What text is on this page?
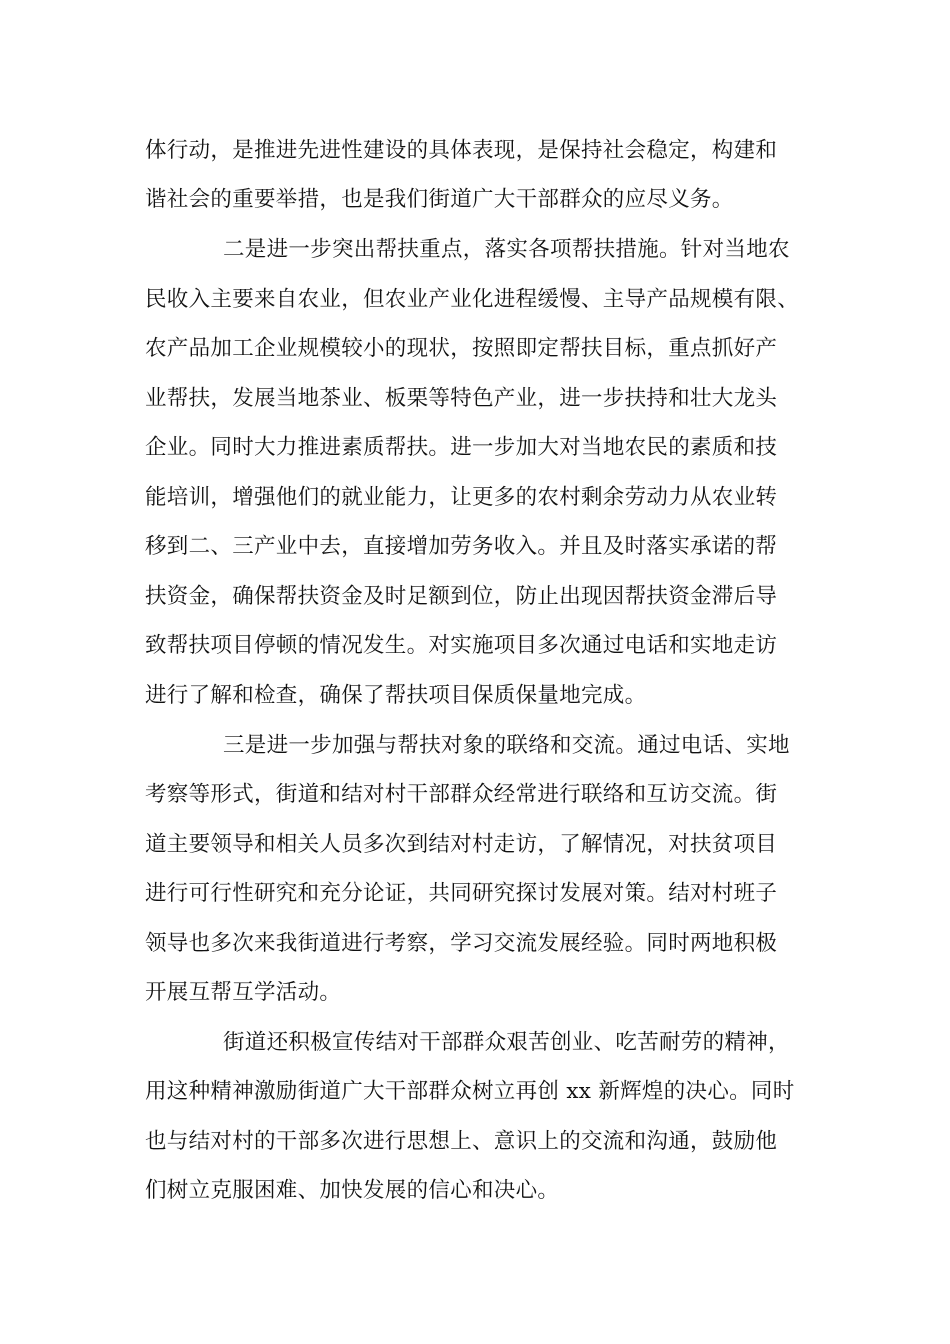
体行动，是推进先进性建设的具体表现，是保持社会稳定，构建和
谐社会的重要举措，也是我们街道广大干部群众的应尽义务。
二是进一步突出帮扶重点，落实各项帮扶措施。针对当地农
民收入主要来自农业，但农业产业化进程缓慢、主导产品规模有限、
农产品加工企业规模较小的现状，按照即定帮扶目标，重点抓好产
业帮扶，发展当地茶业、板栗等特色产业，进一步扶持和壮大龙头
企业。同时大力推进素质帮扶。进一步加大对当地农民的素质和技
能培训，增强他们的就业能力，让更多的农村剩余劳动力从农业转
移到二、三产业中去，直接增加劳务收入。并且及时落实承诺的帮
扶资金，确保帮扶资金及时足额到位，防止出现因帮扶资金滞后导
致帮扶项目停顿的情况发生。对实施项目多次通过电话和实地走访
进行了解和检查，确保了帮扶项目保质保量地完成。
三是进一步加强与帮扶对象的联络和交流。通过电话、实地
考察等形式，街道和结对村干部群众经常进行联络和互访交流。街
道主要领导和相关人员多次到结对村走访，了解情况，对扶贫项目
进行可行性研究和充分论证，共同研究探讨发展对策。结对村班子
领导也多次来我街道进行考察，学习交流发展经验。同时两地积极
开展互帮互学活动。
街道还积极宣传结对干部群众艰苦创业、吃苦耐劳的精神，
用这种精神激励街道广大干部群众树立再创 xx 新辉煌的决心。同时
也与结对村的干部多次进行思想上、意识上的交流和沟通，鼓励他
们树立克服困难、加快发展的信心和决心。
